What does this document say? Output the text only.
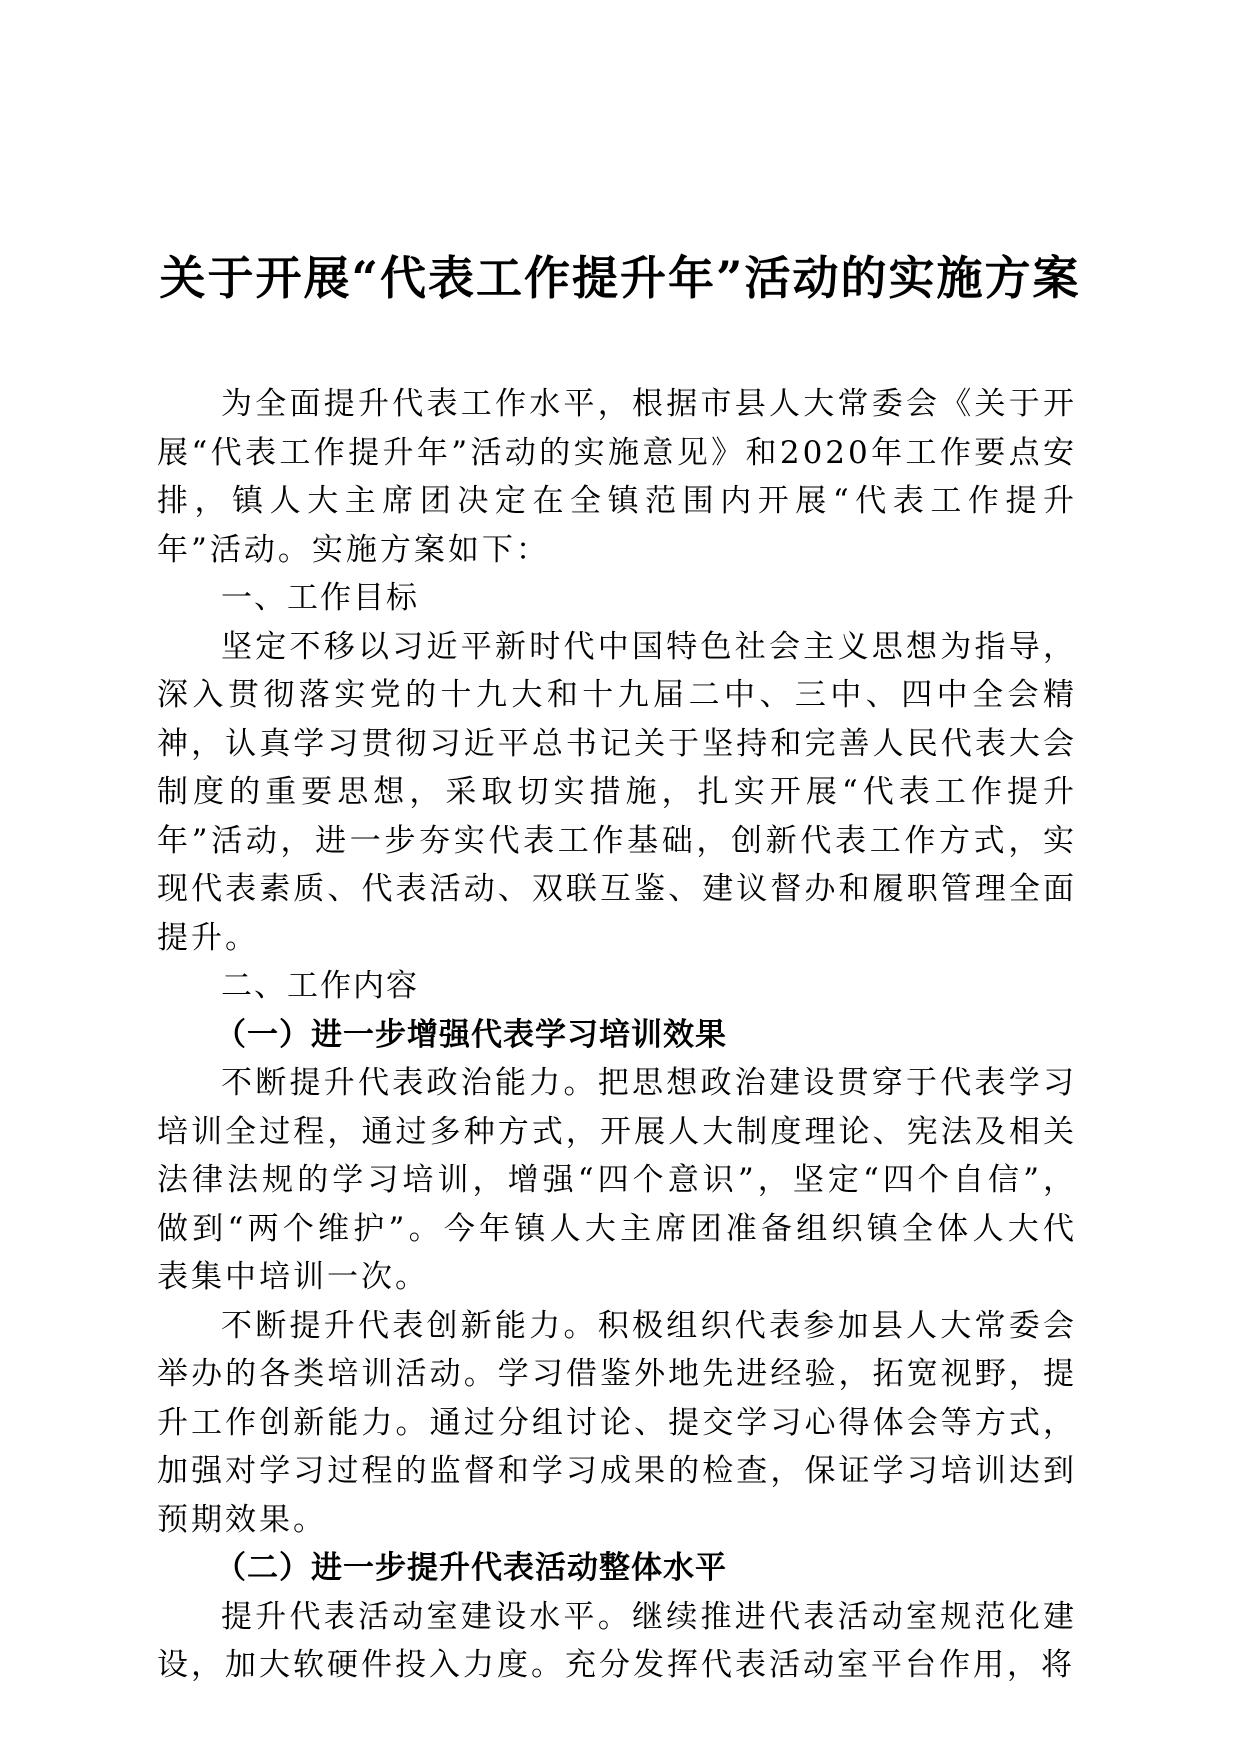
关于开展“代表工作提升年”活动的实施方案

为全面提升代表工作水平，根据市县人大常委会《关于开展“代表工作提升年”活动的实施意见》和2020年工作要点安排，镇人大主席团决定在全镇范围内开展“代表工作提升年”活动。实施方案如下：

一、工作目标

坚定不移以习近平新时代中国特色社会主义思想为指导，深入贯彻落实党的十九大和十九届二中、三中、四中全会精神，认真学习贯彻习近平总书记关于坚持和完善人民代表大会制度的重要思想，采取切实措施，扎实开展“代表工作提升年”活动，进一步夯实代表工作基础，创新代表工作方式，实现代表素质、代表活动、双联互鉴、建议督办和履职管理全面提升。

二、工作内容

（一）进一步增强代表学习培训效果

不断提升代表政治能力。把思想政治建设贯穿于代表学习培训全过程，通过多种方式，开展人大制度理论、宪法及相关法律法规的学习培训，增强“四个意识”，坚定“四个自信”，做到“两个维护”。今年镇人大主席团准备组织镇全体人大代表集中培训一次。

不断提升代表创新能力。积极组织代表参加县人大常委会举办的各类培训活动。学习借鉴外地先进经验，拓宽视野，提升工作创新能力。通过分组讨论、提交学习心得体会等方式，加强对学习过程的监督和学习成果的检查，保证学习培训达到预期效果。

（二）进一步提升代表活动整体水平

提升代表活动室建设水平。继续推进代表活动室规范化建设，加大软硬件投入力度。充分发挥代表活动室平台作用，将
